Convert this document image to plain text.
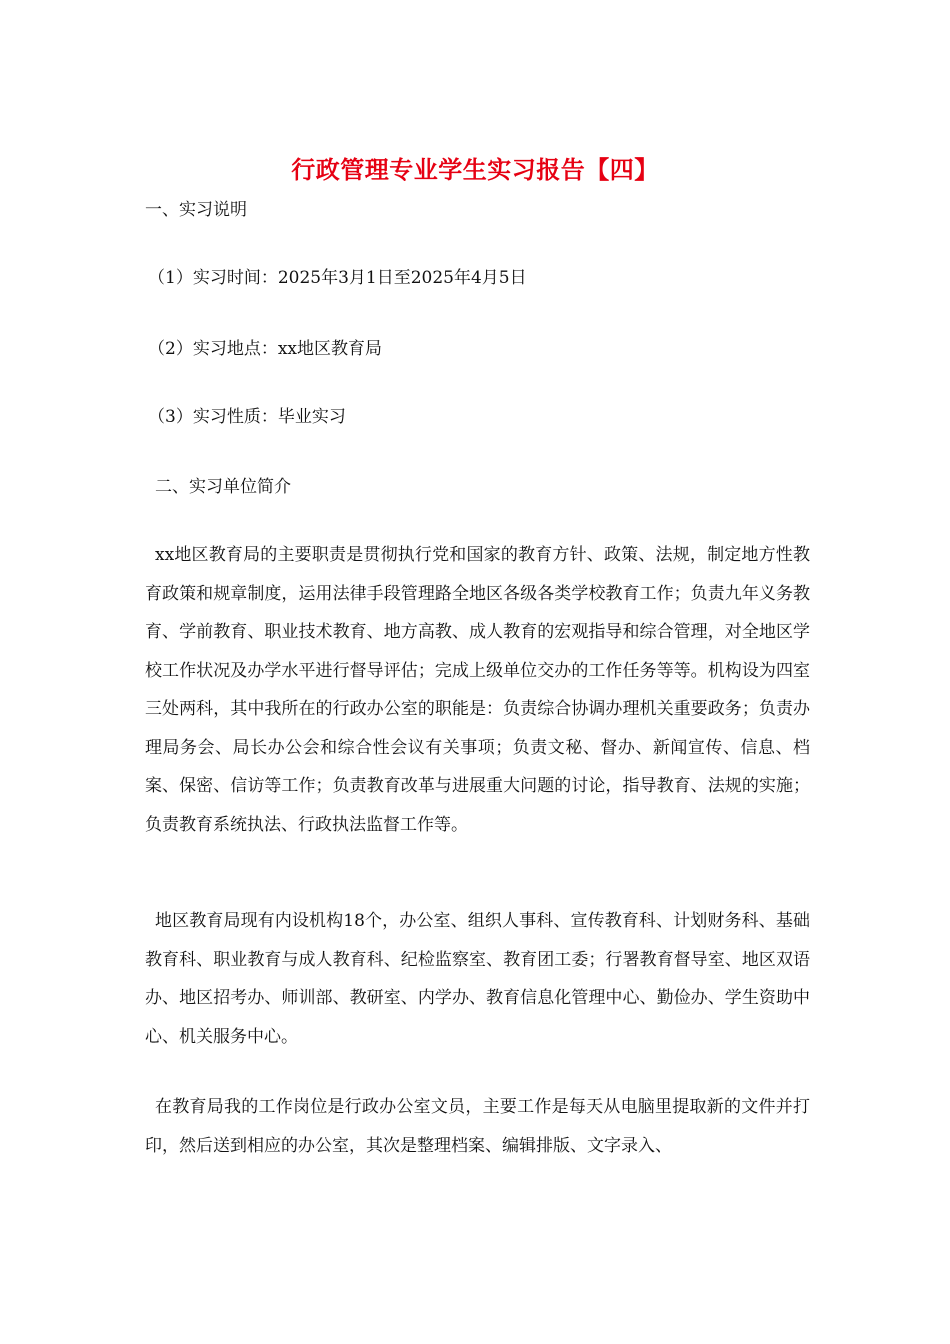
行政管理专业学生实习报告【四】
一、实习说明
（1）实习时间：2025年3月1日至2025年4月5日
（2）实习地点：xx地区教育局
（3）实习性质：毕业实习
二、实习单位简介
xx地区教育局的主要职责是贯彻执行党和国家的教育方针、政策、法规，制定地方性教育政策和规章制度，运用法律手段管理路全地区各级各类学校教育工作；负责九年义务教育、学前教育、职业技术教育、地方高教、成人教育的宏观指导和综合管理，对全地区学校工作状况及办学水平进行督导评估；完成上级单位交办的工作任务等等。机构设为四室三处两科，其中我所在的行政办公室的职能是：负责综合协调办理机关重要政务；负责办理局务会、局长办公会和综合性会议有关事项；负责文秘、督办、新闻宣传、信息、档案、保密、信访等工作；负责教育改革与进展重大问题的讨论，指导教育、法规的实施；负责教育系统执法、行政执法监督工作等。
地区教育局现有内设机构18个，办公室、组织人事科、宣传教育科、计划财务科、基础教育科、职业教育与成人教育科、纪检监察室、教育团工委；行署教育督导室、地区双语办、地区招考办、师训部、教研室、内学办、教育信息化管理中心、勤俭办、学生资助中心、机关服务中心。
在教育局我的工作岗位是行政办公室文员，主要工作是每天从电脑里提取新的文件并打印，然后送到相应的办公室，其次是整理档案、编辑排版、文字录入、
